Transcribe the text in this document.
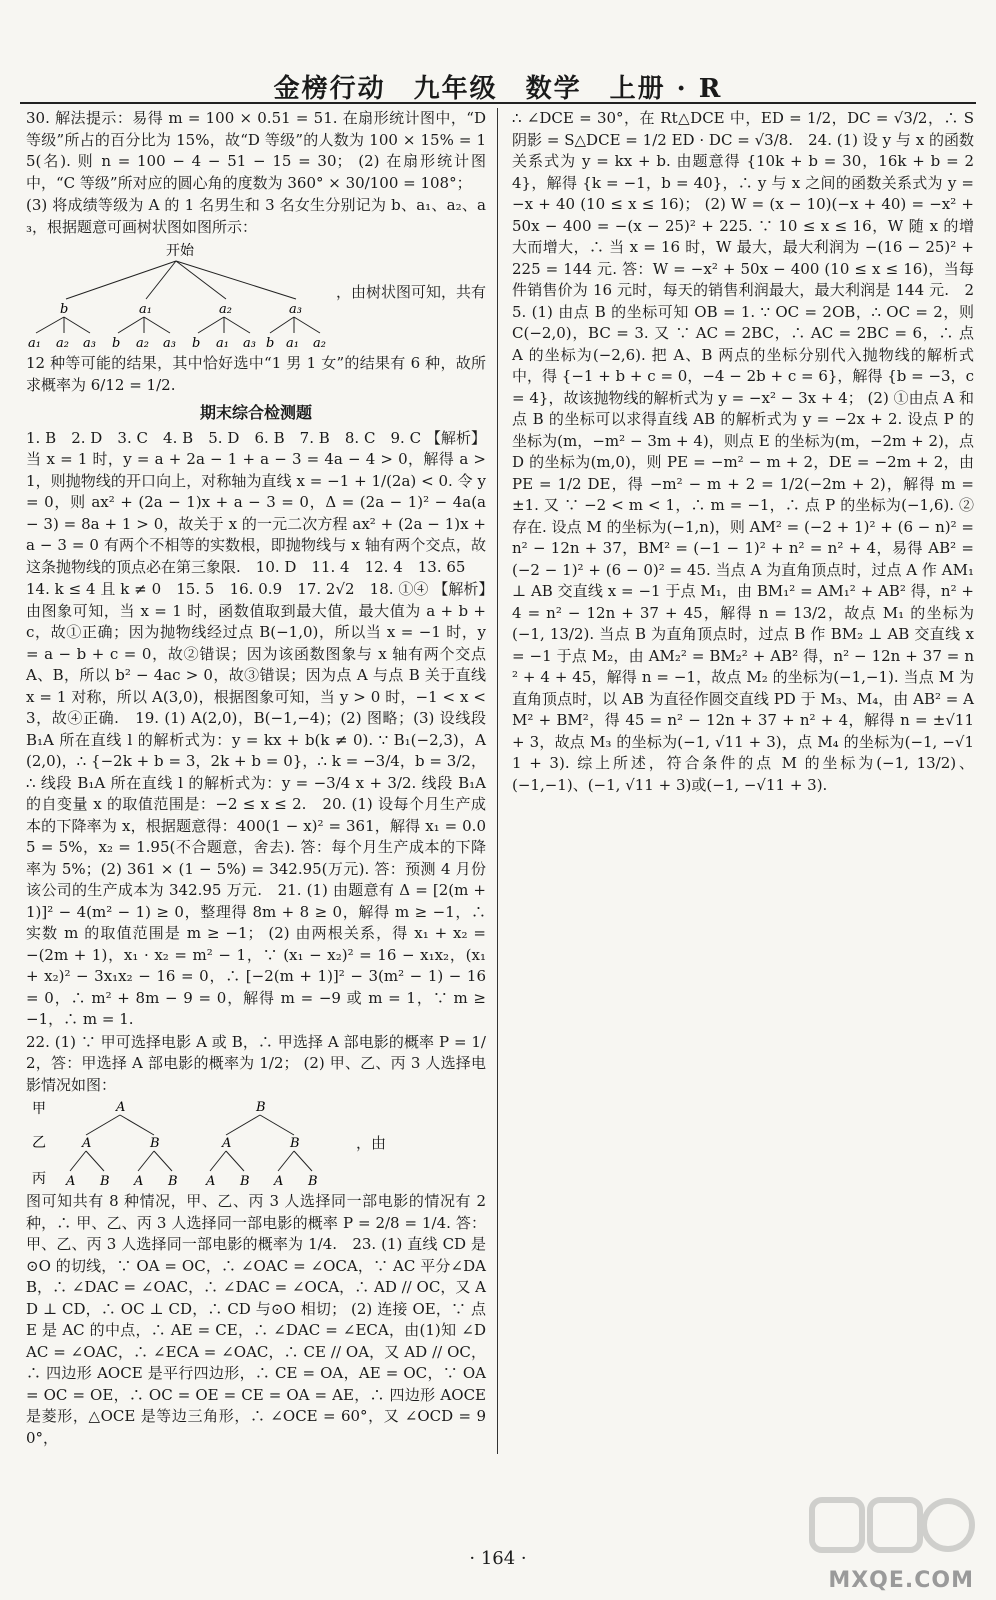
金榜行动　九年级　数学　上册 · R

30. 解法提示：易得 m = 100 × 0.51 = 51. 在扇形统计图中，“D 等级”所占的百分比为 15%，故“D 等级”的人数为 100 × 15% = 15(名). 则 n = 100 − 4 − 51 − 15 = 30； (2) 在扇形统计图中，“C 等级”所对应的圆心角的度数为 360° × 30/100 = 108°；

(3) 将成绩等级为 A 的 1 名男生和 3 名女生分别记为 b、a₁、a₂、a₃，根据题意可画树状图如图所示：

开始
b	a₁	a₂	a₃
a₁ a₂ a₃ b a₂ a₃ b a₁ a₃ b a₁ a₂
，由树状图可知，共有

12 种等可能的结果，其中恰好选中“1 男 1 女”的结果有 6 种，故所求概率为 6/12 = 1/2.

期末综合检测题

1. B　2. D　3. C　4. B　5. D　6. B　7. B　8. C　9. C 【解析】当 x = 1 时，y = a + 2a − 1 + a − 3 = 4a − 4 > 0，解得 a > 1，则抛物线的开口向上，对称轴为直线 x = −1 + 1/(2a) < 0. 令 y = 0，则 ax² + (2a − 1)x + a − 3 = 0，Δ = (2a − 1)² − 4a(a − 3) = 8a + 1 > 0，故关于 x 的一元二次方程 ax² + (2a − 1)x + a − 3 = 0 有两个不相等的实数根，即抛物线与 x 轴有两个交点，故这条抛物线的顶点必在第三象限.　10. D　11. 4　12. 4　13. 65

14. k ≤ 4 且 k ≠ 0　15. 5　16. 0.9　17. 2√2　18. ①④ 【解析】由图象可知，当 x = 1 时，函数值取到最大值，最大值为 a + b + c，故①正确；因为抛物线经过点 B(−1,0)，所以当 x = −1 时，y = a − b + c = 0，故②错误；因为该函数图象与 x 轴有两个交点 A、B，所以 b² − 4ac > 0，故③错误；因为点 A 与点 B 关于直线 x = 1 对称，所以 A(3,0)，根据图象可知，当 y > 0 时，−1 < x < 3，故④正确.　19. (1) A(2,0)，B(−1,−4)；(2) 图略；(3) 设线段 B₁A 所在直线 l 的解析式为：y = kx + b(k ≠ 0). ∵ B₁(−2,3)，A(2,0)，∴ {−2k + b = 3，2k + b = 0}，∴ k = −3/4，b = 3/2，∴ 线段 B₁A 所在直线 l 的解析式为：y = −3/4 x + 3/2. 线段 B₁A 的自变量 x 的取值范围是：−2 ≤ x ≤ 2.　20. (1) 设每个月生产成本的下降率为 x，根据题意得：400(1 − x)² = 361，解得 x₁ = 0.05 = 5%，x₂ = 1.95(不合题意，舍去). 答：每个月生产成本的下降率为 5%；(2) 361 × (1 − 5%) = 342.95(万元). 答：预测 4 月份该公司的生产成本为 342.95 万元.　21. (1) 由题意有 Δ = [2(m + 1)]² − 4(m² − 1) ≥ 0，整理得 8m + 8 ≥ 0，解得 m ≥ −1，∴ 实数 m 的取值范围是 m ≥ −1； (2) 由两根关系，得 x₁ + x₂ = −(2m + 1)，x₁ · x₂ = m² − 1，∵ (x₁ − x₂)² = 16 − x₁x₂，(x₁ + x₂)² − 3x₁x₂ − 16 = 0，∴ [−2(m + 1)]² − 3(m² − 1) − 16 = 0，∴ m² + 8m − 9 = 0，解得 m = −9 或 m = 1，∵ m ≥ −1，∴ m = 1.

22. (1) ∵ 甲可选择电影 A 或 B，∴ 甲选择 A 部电影的概率 P = 1/2，答：甲选择 A 部电影的概率为 1/2； (2) 甲、乙、丙 3 人选择电影情况如图：

甲
乙
丙
A	B
A	B	A	B
A B A B A B A B
，由

图可知共有 8 种情况，甲、乙、丙 3 人选择同一部电影的情况有 2 种，∴ 甲、乙、丙 3 人选择同一部电影的概率 P = 2/8 = 1/4. 答：甲、乙、丙 3 人选择同一部电影的概率为 1/4.　23. (1) 直线 CD 是⊙O 的切线，∵ OA = OC，∴ ∠OAC = ∠OCA，∵ AC 平分∠DAB，∴ ∠DAC = ∠OAC，∴ ∠DAC = ∠OCA，∴ AD // OC，又 AD ⊥ CD，∴ OC ⊥ CD，∴ CD 与⊙O 相切； (2) 连接 OE，∵ 点 E 是 AC 的中点，∴ AE = CE，∴ ∠DAC = ∠ECA，由(1)知 ∠DAC = ∠OAC，∴ ∠ECA = ∠OAC，∴ CE // OA，又 AD // OC，∴ 四边形 AOCE 是平行四边形，∴ CE = OA，AE = OC，∵ OA = OC = OE，∴ OC = OE = CE = OA = AE，∴ 四边形 AOCE 是菱形，△OCE 是等边三角形，∴ ∠OCE = 60°，又 ∠OCD = 90°，

∴ ∠DCE = 30°，在 Rt△DCE 中，ED = 1/2，DC = √3/2，∴ S阴影 = S△DCE = 1/2 ED · DC = √3/8.　24. (1) 设 y 与 x 的函数关系式为 y = kx + b. 由题意得 {10k + b = 30，16k + b = 24}，解得 {k = −1，b = 40}，∴ y 与 x 之间的函数关系式为 y = −x + 40 (10 ≤ x ≤ 16)； (2) W = (x − 10)(−x + 40) = −x² + 50x − 400 = −(x − 25)² + 225. ∵ 10 ≤ x ≤ 16，W 随 x 的增大而增大，∴ 当 x = 16 时，W 最大，最大利润为 −(16 − 25)² + 225 = 144 元. 答：W = −x² + 50x − 400 (10 ≤ x ≤ 16)，当每件销售价为 16 元时，每天的销售利润最大，最大利润是 144 元.　25. (1) 由点 B 的坐标可知 OB = 1. ∵ OC = 2OB，∴ OC = 2，则 C(−2,0)，BC = 3. 又 ∵ AC = 2BC，∴ AC = 2BC = 6，∴ 点 A 的坐标为(−2,6). 把 A、B 两点的坐标分别代入抛物线的解析式中，得 {−1 + b + c = 0，−4 − 2b + c = 6}，解得 {b = −3，c = 4}，故该抛物线的解析式为 y = −x² − 3x + 4； (2) ①由点 A 和点 B 的坐标可以求得直线 AB 的解析式为 y = −2x + 2. 设点 P 的坐标为(m，−m² − 3m + 4)，则点 E 的坐标为(m，−2m + 2)，点 D 的坐标为(m,0)，则 PE = −m² − m + 2，DE = −2m + 2，由 PE = 1/2 DE，得 −m² − m + 2 = 1/2(−2m + 2)，解得 m = ±1. 又 ∵ −2 < m < 1，∴ m = −1，∴ 点 P 的坐标为(−1,6). ②存在. 设点 M 的坐标为(−1,n)，则 AM² = (−2 + 1)² + (6 − n)² = n² − 12n + 37，BM² = (−1 − 1)² + n² = n² + 4，易得 AB² = (−2 − 1)² + (6 − 0)² = 45. 当点 A 为直角顶点时，过点 A 作 AM₁ ⊥ AB 交直线 x = −1 于点 M₁，由 BM₁² = AM₁² + AB² 得，n² + 4 = n² − 12n + 37 + 45，解得 n = 13/2，故点 M₁ 的坐标为(−1, 13/2). 当点 B 为直角顶点时，过点 B 作 BM₂ ⊥ AB 交直线 x = −1 于点 M₂，由 AM₂² = BM₂² + AB² 得，n² − 12n + 37 = n² + 4 + 45，解得 n = −1，故点 M₂ 的坐标为(−1,−1). 当点 M 为直角顶点时，以 AB 为直径作圆交直线 PD 于 M₃、M₄，由 AB² = AM² + BM²，得 45 = n² − 12n + 37 + n² + 4，解得 n = ±√11 + 3，故点 M₃ 的坐标为(−1, √11 + 3)，点 M₄ 的坐标为(−1, −√11 + 3). 综上所述，符合条件的点 M 的坐标为(−1, 13/2)、(−1,−1)、(−1, √11 + 3)或(−1, −√11 + 3).

· 164 ·
MXQE.COM
